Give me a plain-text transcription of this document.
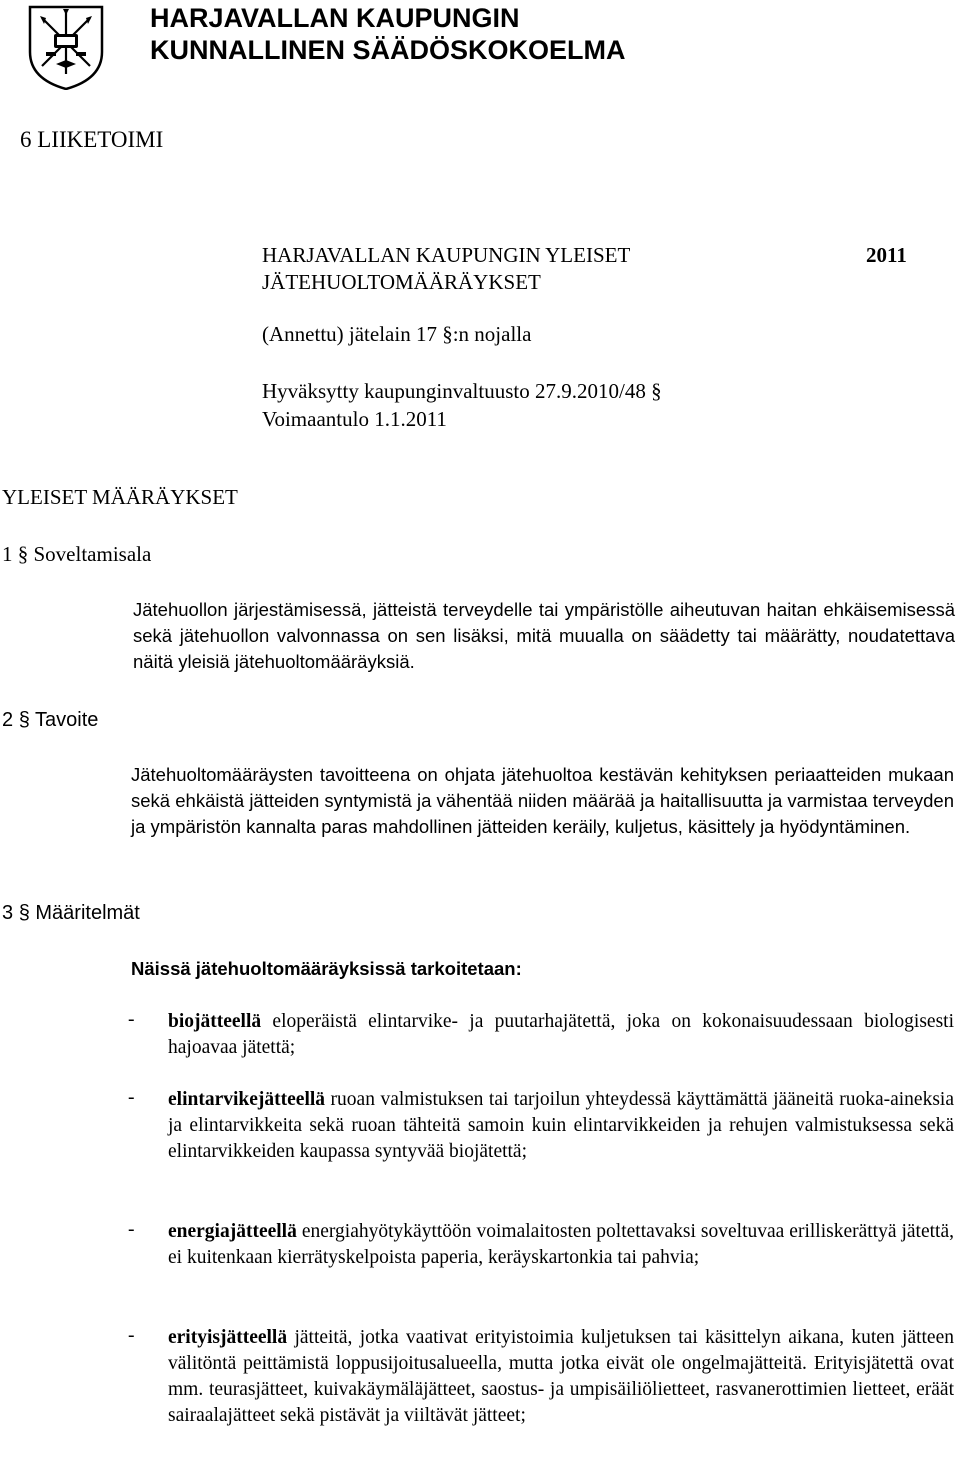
HARJAVALLAN KAUPUNGIN
KUNNALLINEN SÄÄDÖSKOKOELMA
6 LIIKETOIMI
HARJAVALLAN KAUPUNGIN YLEISET
JÄTEHUOLTOMÄÄRÄYKSET
2011
(Annettu) jätelain 17 §:n nojalla
Hyväksytty kaupunginvaltuusto 27.9.2010/48 §
Voimaantulo 1.1.2011
YLEISET MÄÄRÄYKSET
1 § Soveltamisala
Jätehuollon järjestämisessä, jätteistä terveydelle tai ympäristölle aiheutuvan haitan ehkäisemisessä sekä jätehuollon valvonnassa on sen lisäksi, mitä muualla on säädetty tai määrätty, noudatettava näitä yleisiä jätehuoltomääräyksiä.
2 § Tavoite
Jätehuoltomääräysten tavoitteena on ohjata jätehuoltoa kestävän kehityksen periaatteiden mukaan sekä ehkäistä jätteiden syntymistä ja vähentää niiden määrää ja haitallisuutta ja varmistaa terveyden ja ympäristön kannalta paras mahdollinen jätteiden keräily, kuljetus, käsittely ja hyödyntäminen.
3 § Määritelmät
Näissä jätehuoltomääräyksissä tarkoitetaan:
- biojätteellä eloperäistä elintarvike- ja puutarhajätettä, joka on kokonaisuudessaan biologisesti hajoavaa jätettä;
- elintarvikejätteellä ruoan valmistuksen tai tarjoilun yhteydessä käyttämättä jääneitä ruoka-aineksia ja elintarvikkeita sekä ruoan tähteitä samoin kuin elintarvikkeiden ja rehujen valmistuksessa sekä elintarvikkeiden kaupassa syntyvää biojätettä;
- energiajätteellä energiahyötykäyttöön voimalaitosten poltettavaksi soveltuvaa erilliskerättyä jätettä, ei kuitenkaan kierrätyskelpoista paperia, keräyskartonkia tai pahvia;
- erityisjätteellä jätteitä, jotka vaativat erityistoimia kuljetuksen tai käsittelyn aikana, kuten jätteen välitöntä peittämistä loppusijoitusalueella, mutta jotka eivät ole ongelmajätteitä. Erityisjätettä ovat mm. teurasjätteet, kuivakäymäläjätteet, saostus- ja umpisäiliölietteet, rasvanerottimien lietteet, eräät sairaalajätteet sekä pistävät ja viiltävät jätteet;
